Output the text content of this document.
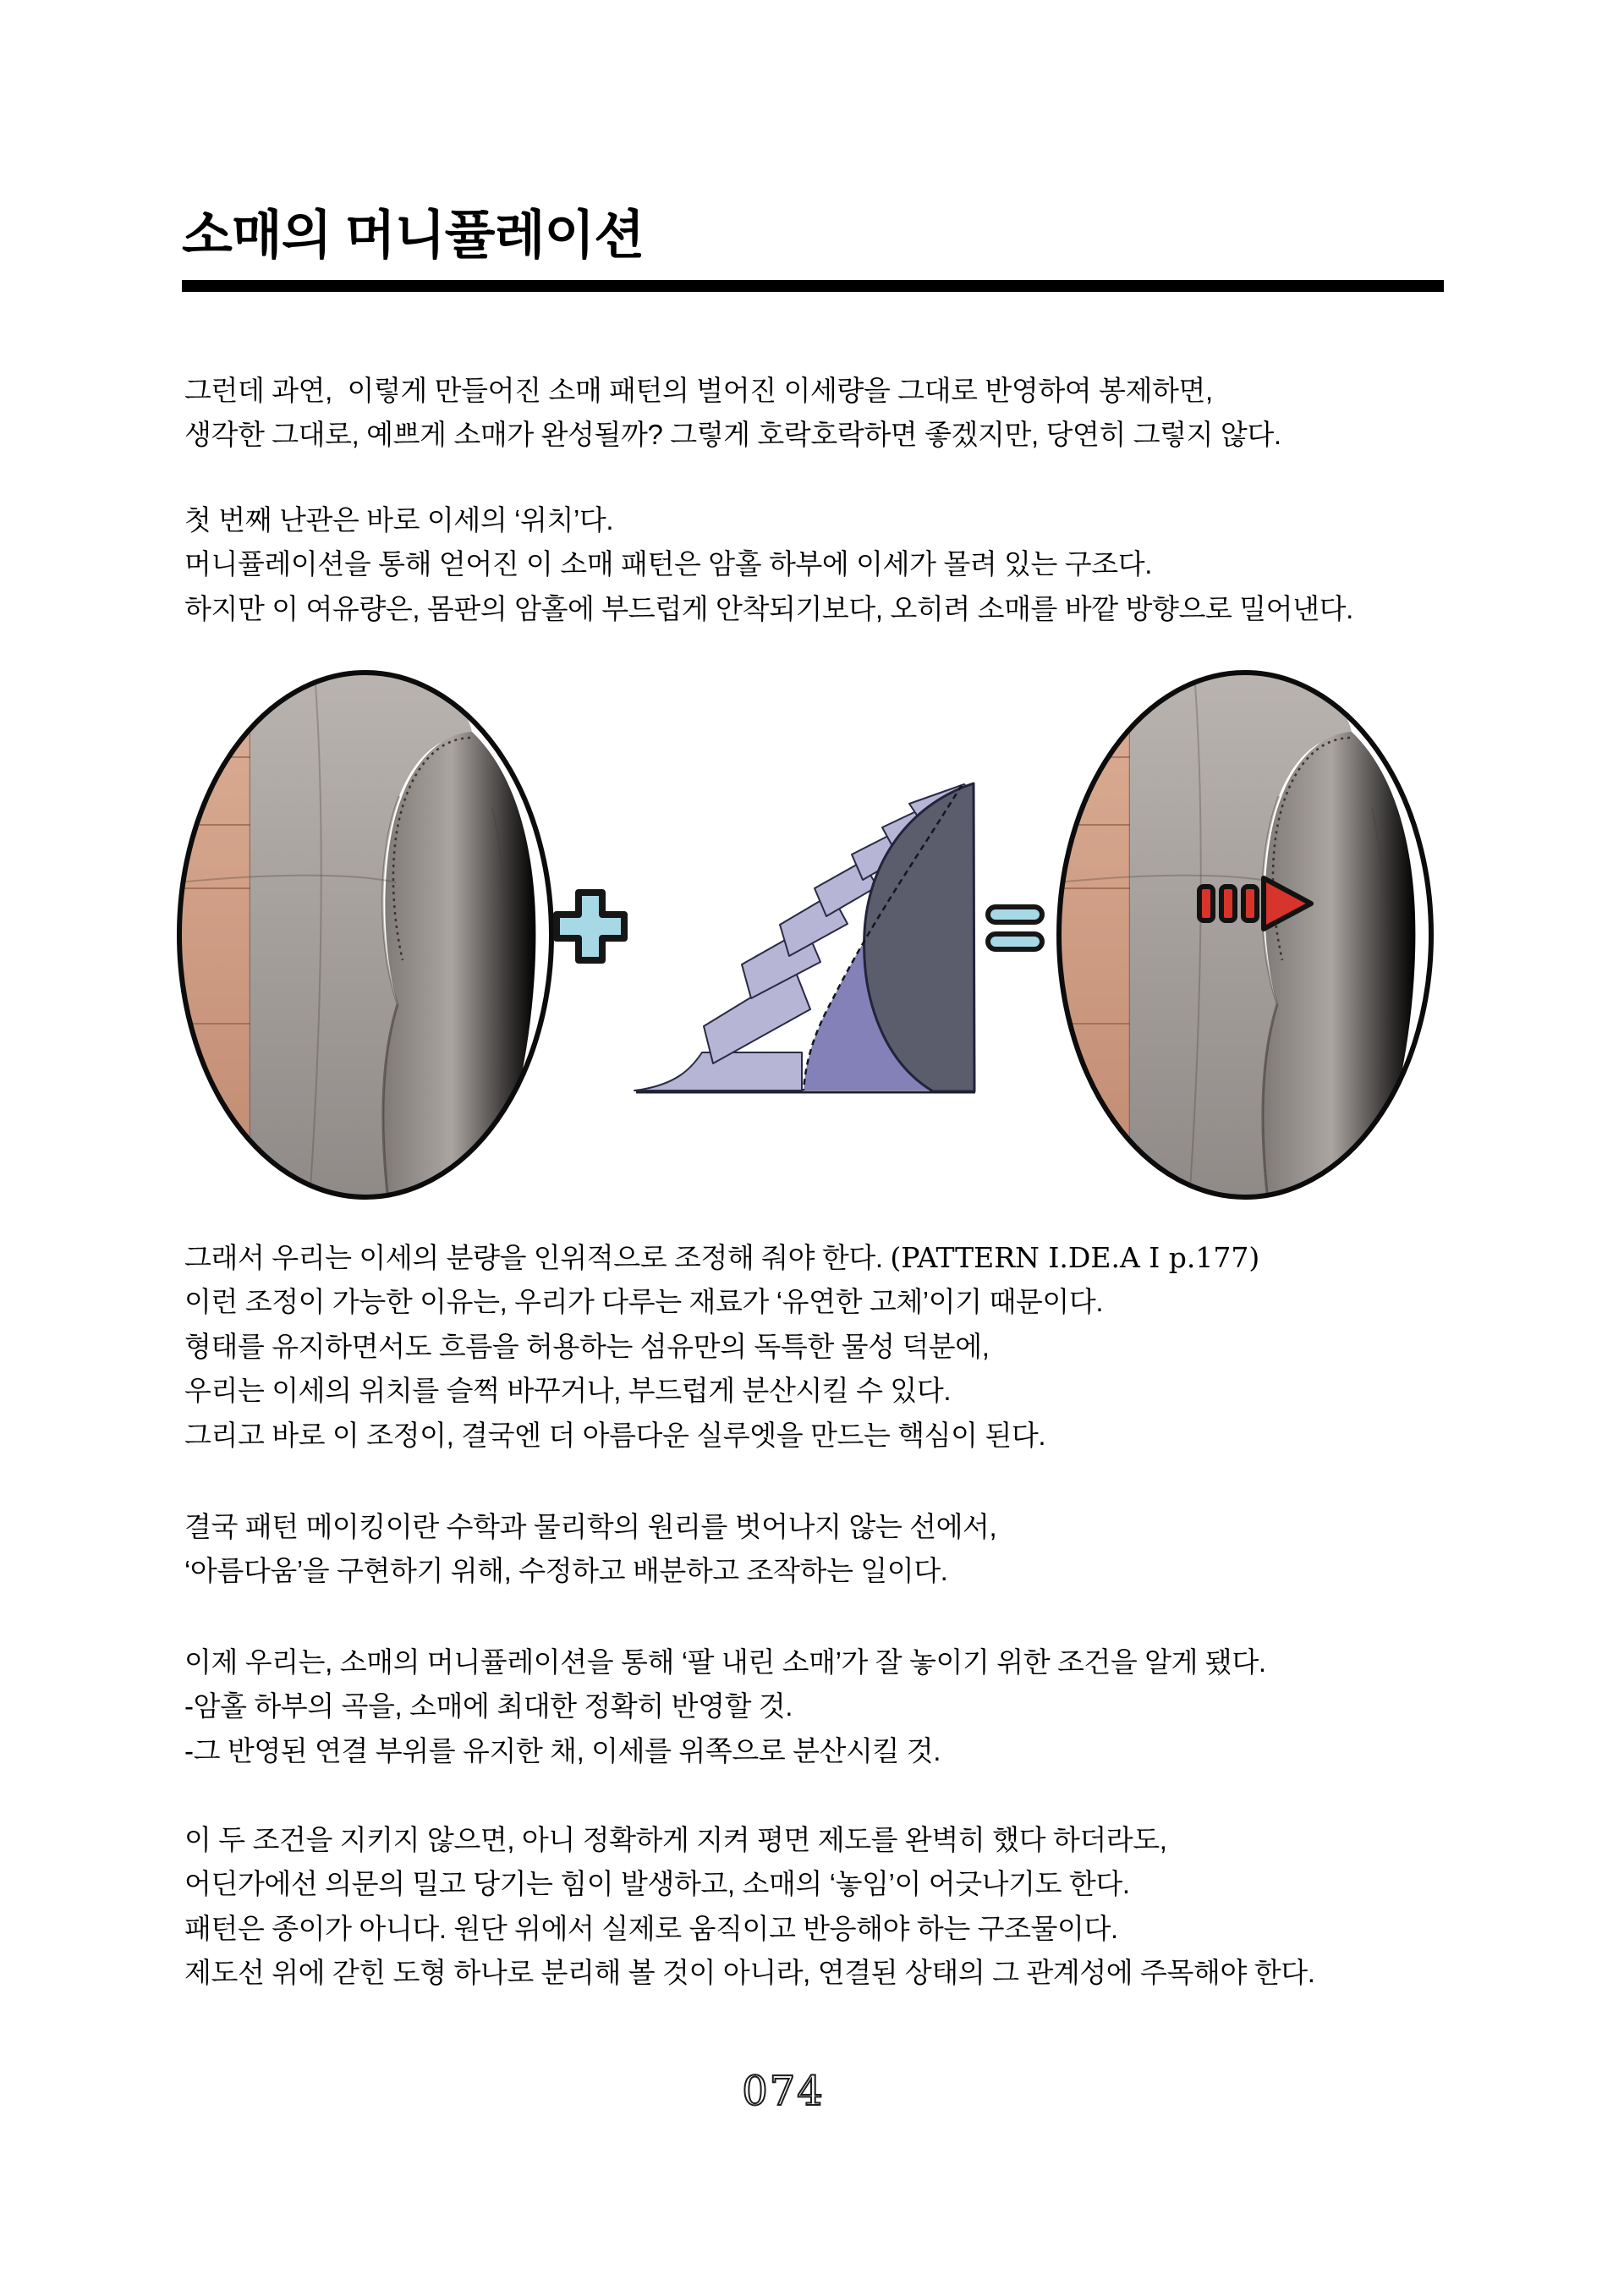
소매의 머니퓰레이션
그런데 과연,  이렇게 만들어진 소매 패턴의 벌어진 이세량을 그대로 반영하여 봉제하면,
생각한 그대로, 예쁘게 소매가 완성될까? 그렇게 호락호락하면 좋겠지만, 당연히 그렇지 않다.
첫 번째 난관은 바로 이세의 ‘위치’다.
머니퓰레이션을 통해 얻어진 이 소매 패턴은 암홀 하부에 이세가 몰려 있는 구조다.
하지만 이 여유량은, 몸판의 암홀에 부드럽게 안착되기보다, 오히려 소매를 바깥 방향으로 밀어낸다.
그래서 우리는 이세의 분량을 인위적으로 조정해 줘야 한다. (PATTERN I.DE.A I p.177)
이런 조정이 가능한 이유는, 우리가 다루는 재료가 ‘유연한 고체’이기 때문이다.
형태를 유지하면서도 흐름을 허용하는 섬유만의 독특한 물성 덕분에,
우리는 이세의 위치를 슬쩍 바꾸거나, 부드럽게 분산시킬 수 있다.
그리고 바로 이 조정이, 결국엔 더 아름다운 실루엣을 만드는 핵심이 된다.
결국 패턴 메이킹이란 수학과 물리학의 원리를 벗어나지 않는 선에서,
‘아름다움’을 구현하기 위해, 수정하고 배분하고 조작하는 일이다.
이제 우리는, 소매의 머니퓰레이션을 통해 ‘팔 내린 소매’가 잘 놓이기 위한 조건을 알게 됐다.
-암홀 하부의 곡을, 소매에 최대한 정확히 반영할 것.
-그 반영된 연결 부위를 유지한 채, 이세를 위쪽으로 분산시킬 것.
이 두 조건을 지키지 않으면, 아니 정확하게 지켜 평면 제도를 완벽히 했다 하더라도,
어딘가에선 의문의 밀고 당기는 힘이 발생하고, 소매의 ‘놓임’이 어긋나기도 한다.
패턴은 종이가 아니다. 원단 위에서 실제로 움직이고 반응해야 하는 구조물이다.
제도선 위에 갇힌 도형 하나로 분리해 볼 것이 아니라, 연결된 상태의 그 관계성에 주목해야 한다.
074
